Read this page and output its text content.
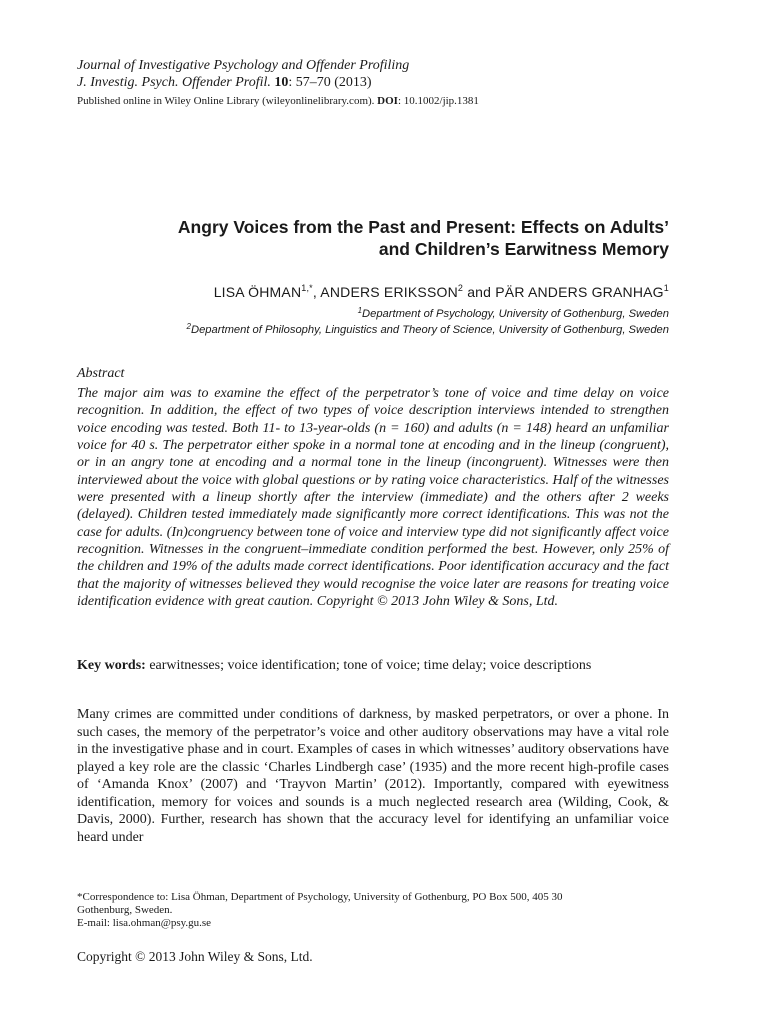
Journal of Investigative Psychology and Offender Profiling
J. Investig. Psych. Offender Profil. 10: 57–70 (2013)
Published online in Wiley Online Library (wileyonlinelibrary.com). DOI: 10.1002/jip.1381
Angry Voices from the Past and Present: Effects on Adults’
and Children’s Earwitness Memory
LISA $ÖHMAN^{1,*}$, ANDERS ERIKSSON$^2$ and PÄR ANDERS GRANHAG$^1$
$^1$Department of Psychology, University of Gothenburg, Sweden
$^2$Department of Philosophy, Linguistics and Theory of Science, University of Gothenburg, Sweden
Abstract

The major aim was to examine the effect of the perpetrator’s tone of voice and time delay on voice recognition. In addition, the effect of two types of voice description interviews intended to strengthen voice encoding was tested. Both 11- to 13-year-olds (n = 160) and adults (n = 148) heard an unfamiliar voice for 40 s. The perpetrator either spoke in a normal tone at encoding and in the lineup (congruent), or in an angry tone at encoding and a normal tone in the lineup (incongruent). Witnesses were then interviewed about the voice with global questions or by rating voice characteristics. Half of the witnesses were presented with a lineup shortly after the interview (immediate) and the others after 2 weeks (delayed). Children tested immediately made significantly more correct identifications. This was not the case for adults. (In)congruency between tone of voice and interview type did not significantly affect voice recognition. Witnesses in the congruent–immediate condition performed the best. However, only 25% of the children and 19% of the adults made correct identifications. Poor identification accuracy and the fact that the majority of witnesses believed they would recognise the voice later are reasons for treating voice identification evidence with great caution. Copyright © 2013 John Wiley & Sons, Ltd.

Key words: earwitnesses; voice identification; tone of voice; time delay; voice descriptions

Many crimes are committed under conditions of darkness, by masked perpetrators, or over a phone. In such cases, the memory of the perpetrator’s voice and other auditory observations may have a vital role in the investigative phase and in court. Examples of cases in which witnesses’ auditory observations have played a key role are the classic ‘Charles Lindbergh case’ (1935) and the more recent high-profile cases of ‘Amanda Knox’ (2007) and ‘Trayvon Martin’ (2012). Importantly, compared with eyewitness identification, memory for voices and sounds is a much neglected research area (Wilding, Cook, & Davis, 2000). Further, research has shown that the accuracy level for identifying an unfamiliar voice heard under

*Correspondence to: Lisa Öhman, Department of Psychology, University of Gothenburg, PO Box 500, 405 30
Gothenburg, Sweden.
E-mail: lisa.ohman@psy.gu.se
Copyright © 2013 John Wiley & Sons, Ltd.
